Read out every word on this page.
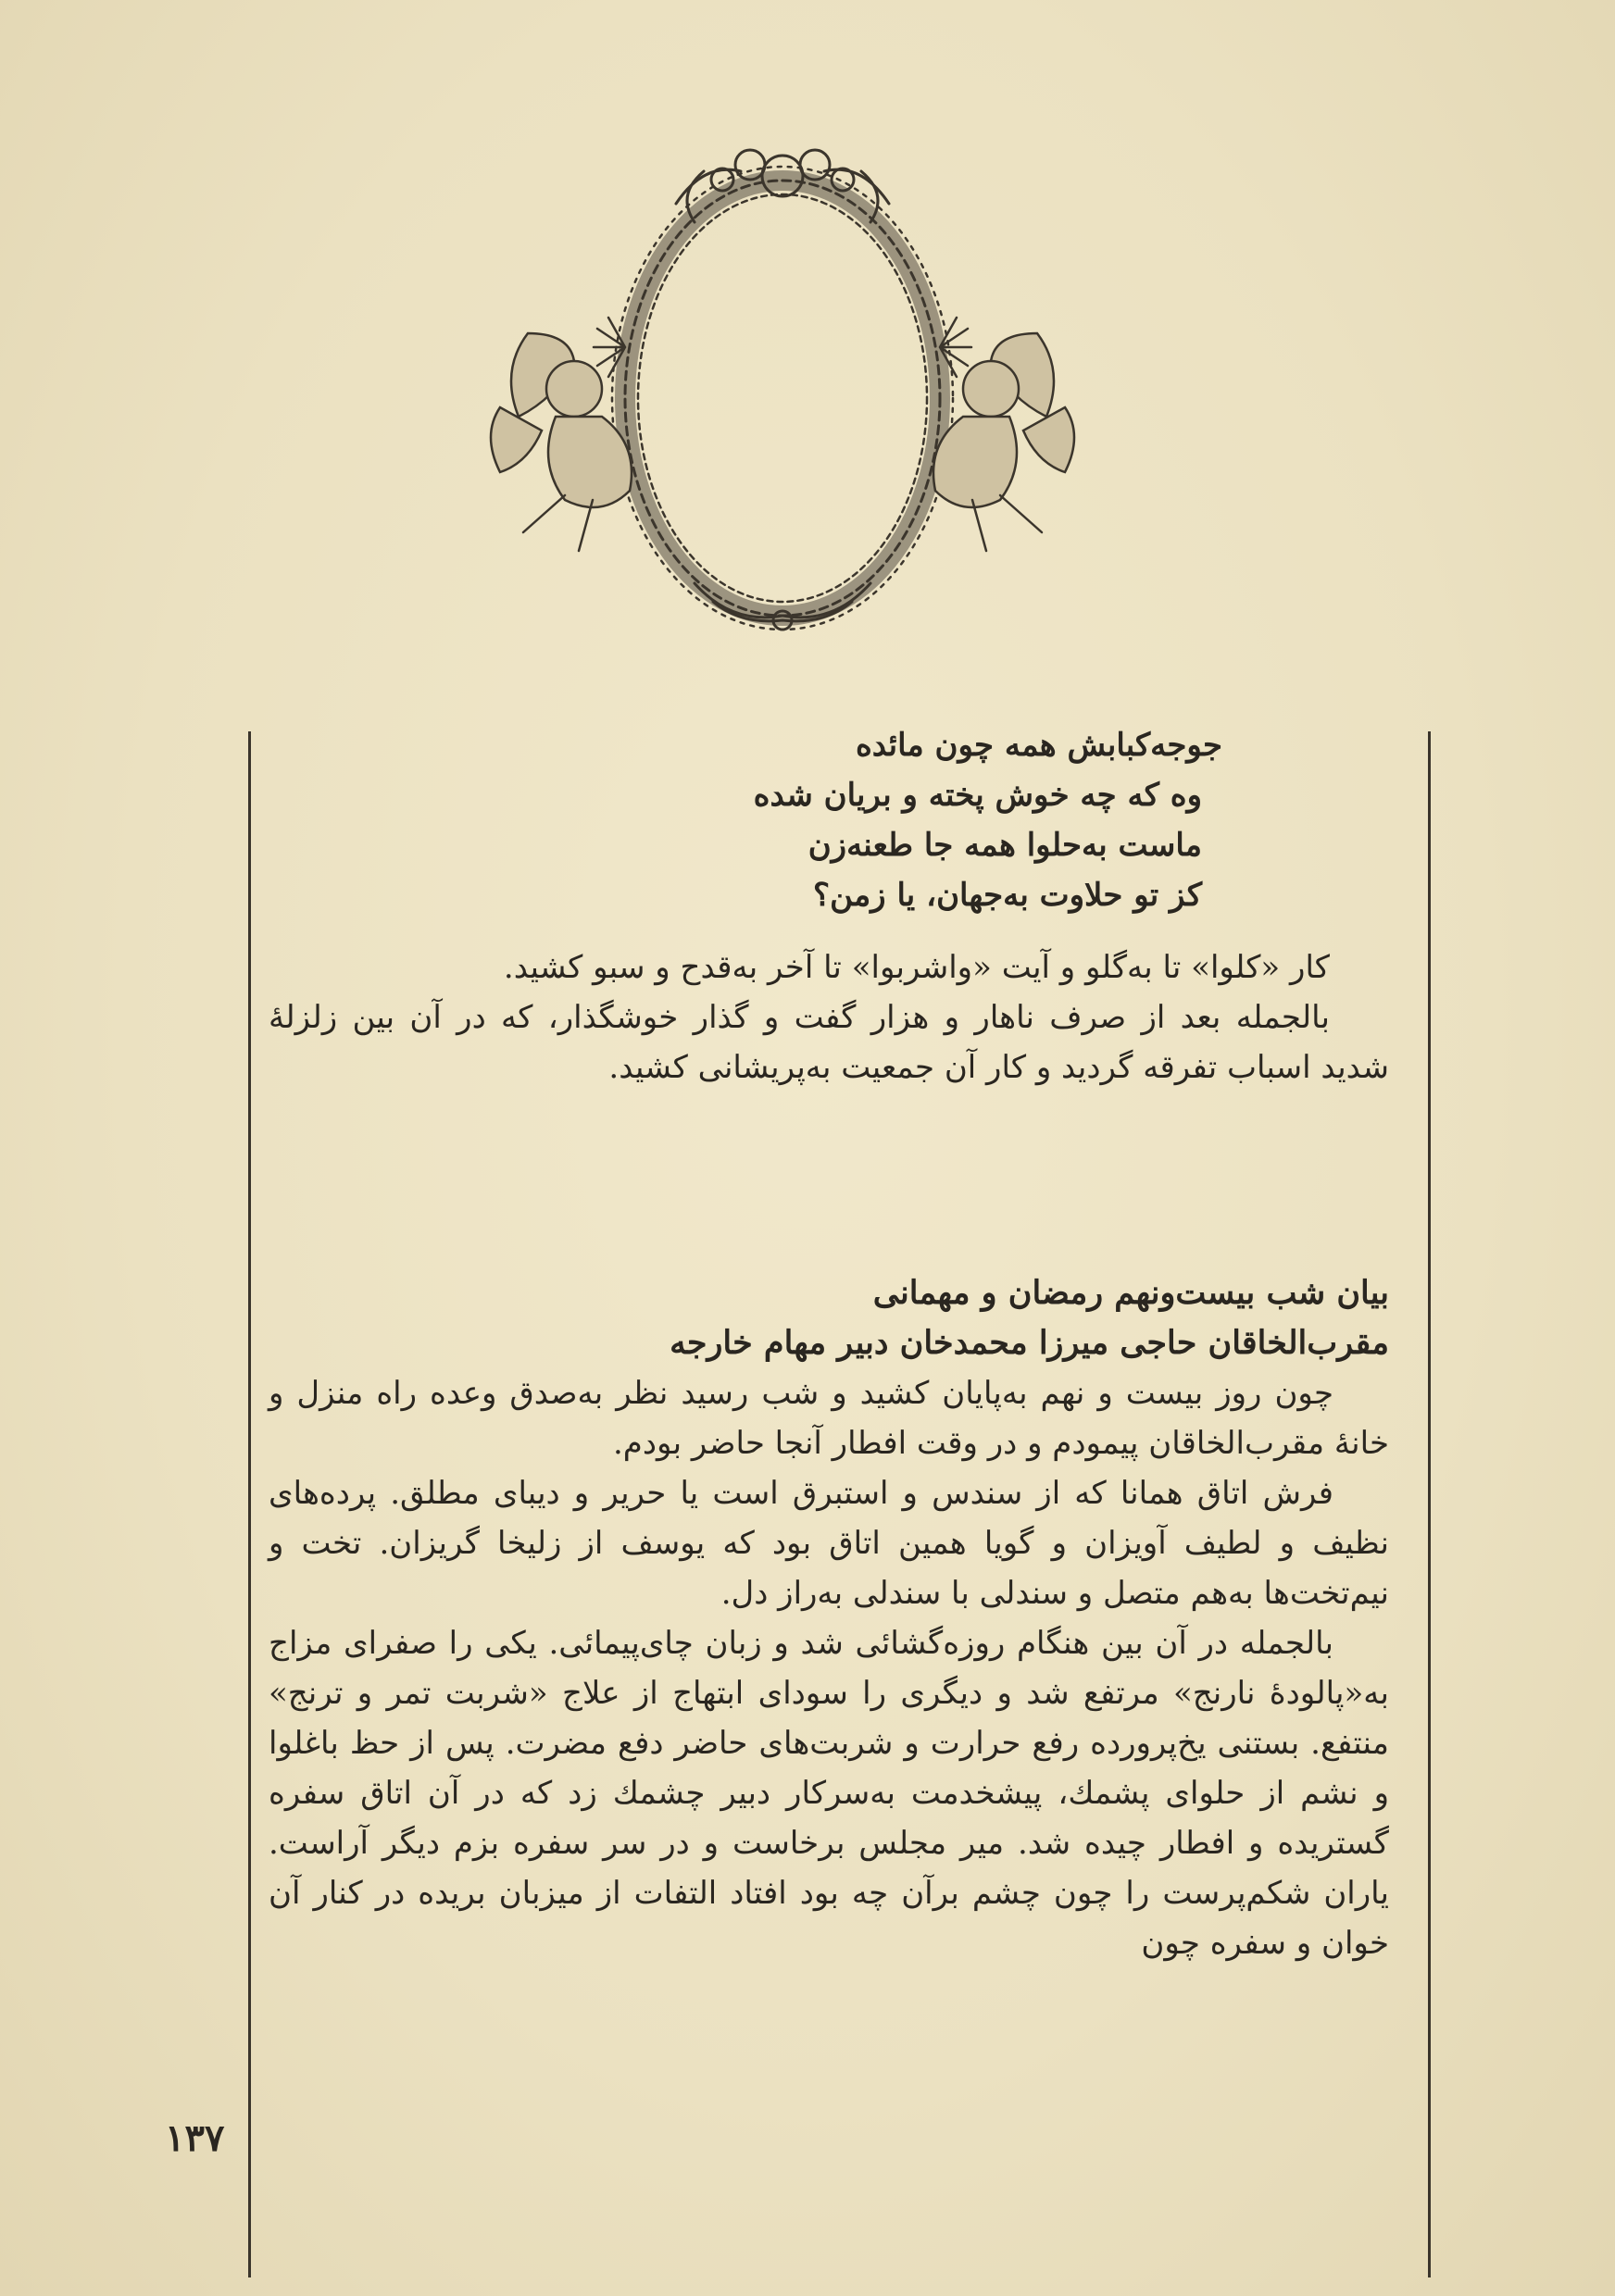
جوجه‌کبابش همه چون مائده
وه که چه خوش پخته و بریان شده
ماست به‌حلوا همه جا طعنه‌زن
کز تو حلاوت به‌جهان، یا زمن؟

کار «کلوا» تا به‌گلو و آیت «واشربوا» تا آخر به‌قدح و سبو کشید.

بالجمله بعد از صرف ناهار و هزار گفت و گذار خوشگذار، که در آن بین زلزلهٔ شدید اسباب تفرقه گردید و کار آن جمعیت به‌پریشانی کشید.

بیان شب بیست‌ونهم رمضان و مهمانی
مقرب‌الخاقان حاجی میرزا محمدخان دبیر مهام خارجه

چون روز بیست و نهم به‌پایان کشید و شب رسید نظر به‌صدق وعده راه منزل و خانهٔ مقرب‌الخاقان پیمودم و در وقت افطار آنجا حاضر بودم.

فرش اتاق همانا که از سندس و استبرق است یا حریر و دیبای مطلق. پرده‌های نظیف و لطیف آویزان و گویا همین اتاق بود که یوسف از زلیخا گریزان. تخت و نیم‌تخت‌ها به‌هم متصل و سندلی با سندلی به‌راز دل.

بالجمله در آن بین هنگام روزه‌گشائی شد و زبان چای‌پیمائی. یکی را صفرای مزاج به«پالودهٔ نارنج» مرتفع شد و دیگری را سودای ابتهاج از علاج «شربت تمر و ترنج» منتفع. بستنی یخ‌پرورده رفع حرارت و شربت‌های حاضر دفع مضرت. پس از حظ باغلوا و نشم از حلوای پشمك، پیشخدمت به‌سرکار دبیر چشمك زد که در آن اتاق سفره گستریده و افطار چیده شد. میر مجلس برخاست و در سر سفره بزم دیگر آراست. یاران شکم‌پرست را چون چشم برآن چه بود افتاد التفات از میزبان بریده در کنار آن خوان و سفره چون

۱۳۷
